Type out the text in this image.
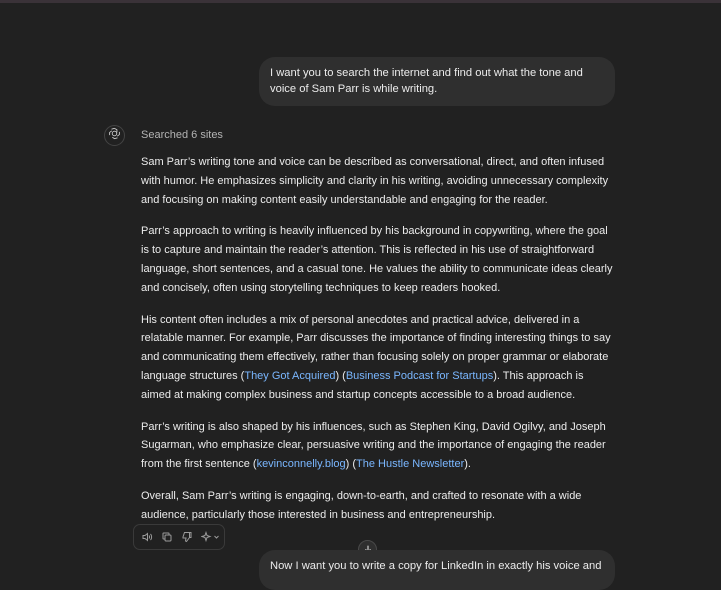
I want you to search the internet and find out what the tone and voice of Sam Parr is while writing.
Searched 6 sites

Sam Parr’s writing tone and voice can be described as conversational, direct, and often infused with humor. He emphasizes simplicity and clarity in his writing, avoiding unnecessary complexity and focusing on making content easily understandable and engaging for the reader.

Parr’s approach to writing is heavily influenced by his background in copywriting, where the goal is to capture and maintain the reader’s attention. This is reflected in his use of straightforward language, short sentences, and a casual tone. He values the ability to communicate ideas clearly and concisely, often using storytelling techniques to keep readers hooked.

His content often includes a mix of personal anecdotes and practical advice, delivered in a relatable manner. For example, Parr discusses the importance of finding interesting things to say and communicating them effectively, rather than focusing solely on proper grammar or elaborate language structures (They Got Acquired) (Business Podcast for Startups). This approach is aimed at making complex business and startup concepts accessible to a broad audience.

Parr’s writing is also shaped by his influences, such as Stephen King, David Ogilvy, and Joseph Sugarman, who emphasize clear, persuasive writing and the importance of engaging the reader from the first sentence (kevinconnelly.blog) (The Hustle Newsletter).

Overall, Sam Parr’s writing is engaging, down-to-earth, and crafted to resonate with a wide audience, particularly those interested in business and entrepreneurship.

Now I want you to write a copy for LinkedIn in exactly his voice and
